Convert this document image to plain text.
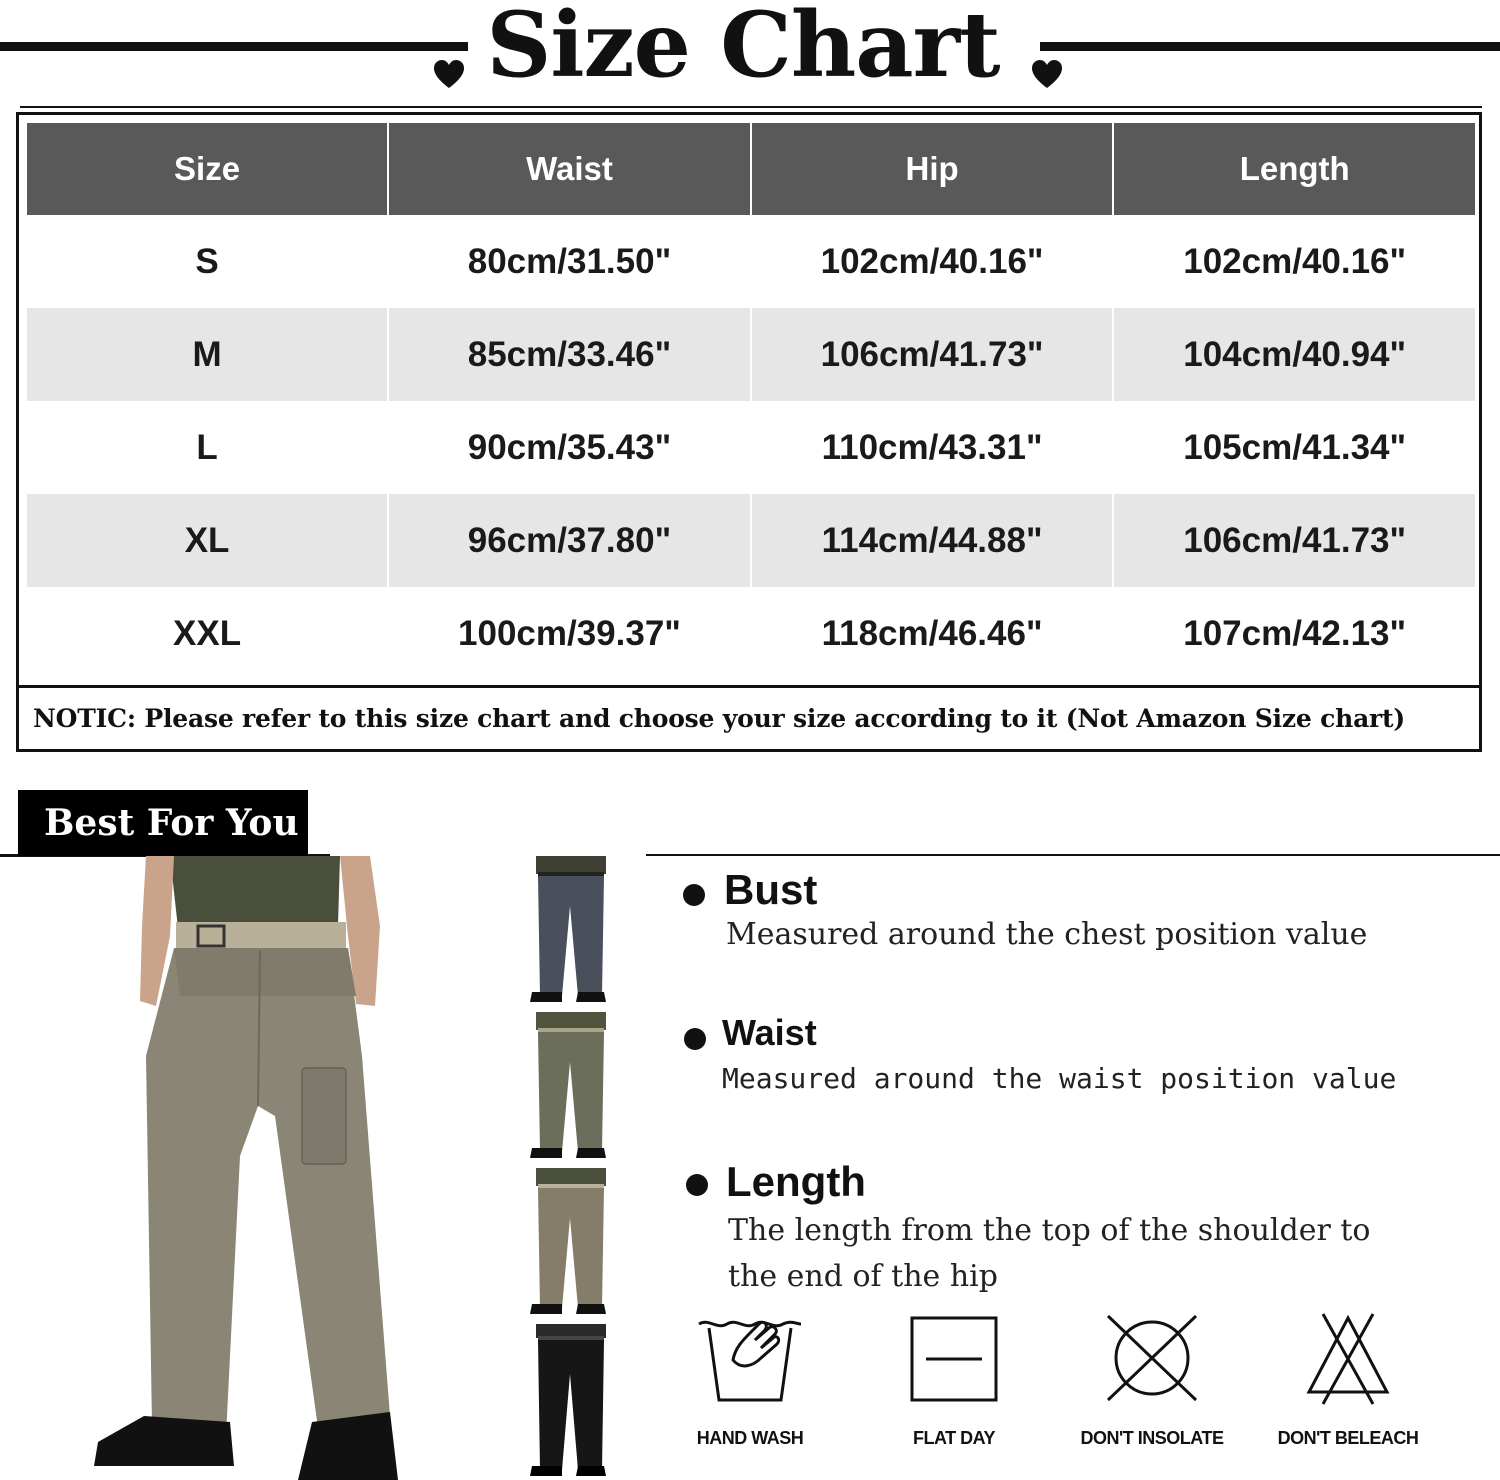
Size Chart
Size	Waist	Hip	Length
S	80cm/31.50"	102cm/40.16"	102cm/40.16"
M	85cm/33.46"	106cm/41.73"	104cm/40.94"
L	90cm/35.43"	110cm/43.31"	105cm/41.34"
XL	96cm/37.80"	114cm/44.88"	106cm/41.73"
XXL	100cm/39.37"	118cm/46.46"	107cm/42.13"
NOTIC: Please refer to this size chart and choose your size according to it (Not Amazon Size chart)
Best For You
Bust
Measured around the chest position value
Waist
Measured around the waist position value
Length
The length from the top of the shoulder to
the end of the hip
HAND WASH	FLAT DAY	DON'T INSOLATE	DON'T BELEACH
